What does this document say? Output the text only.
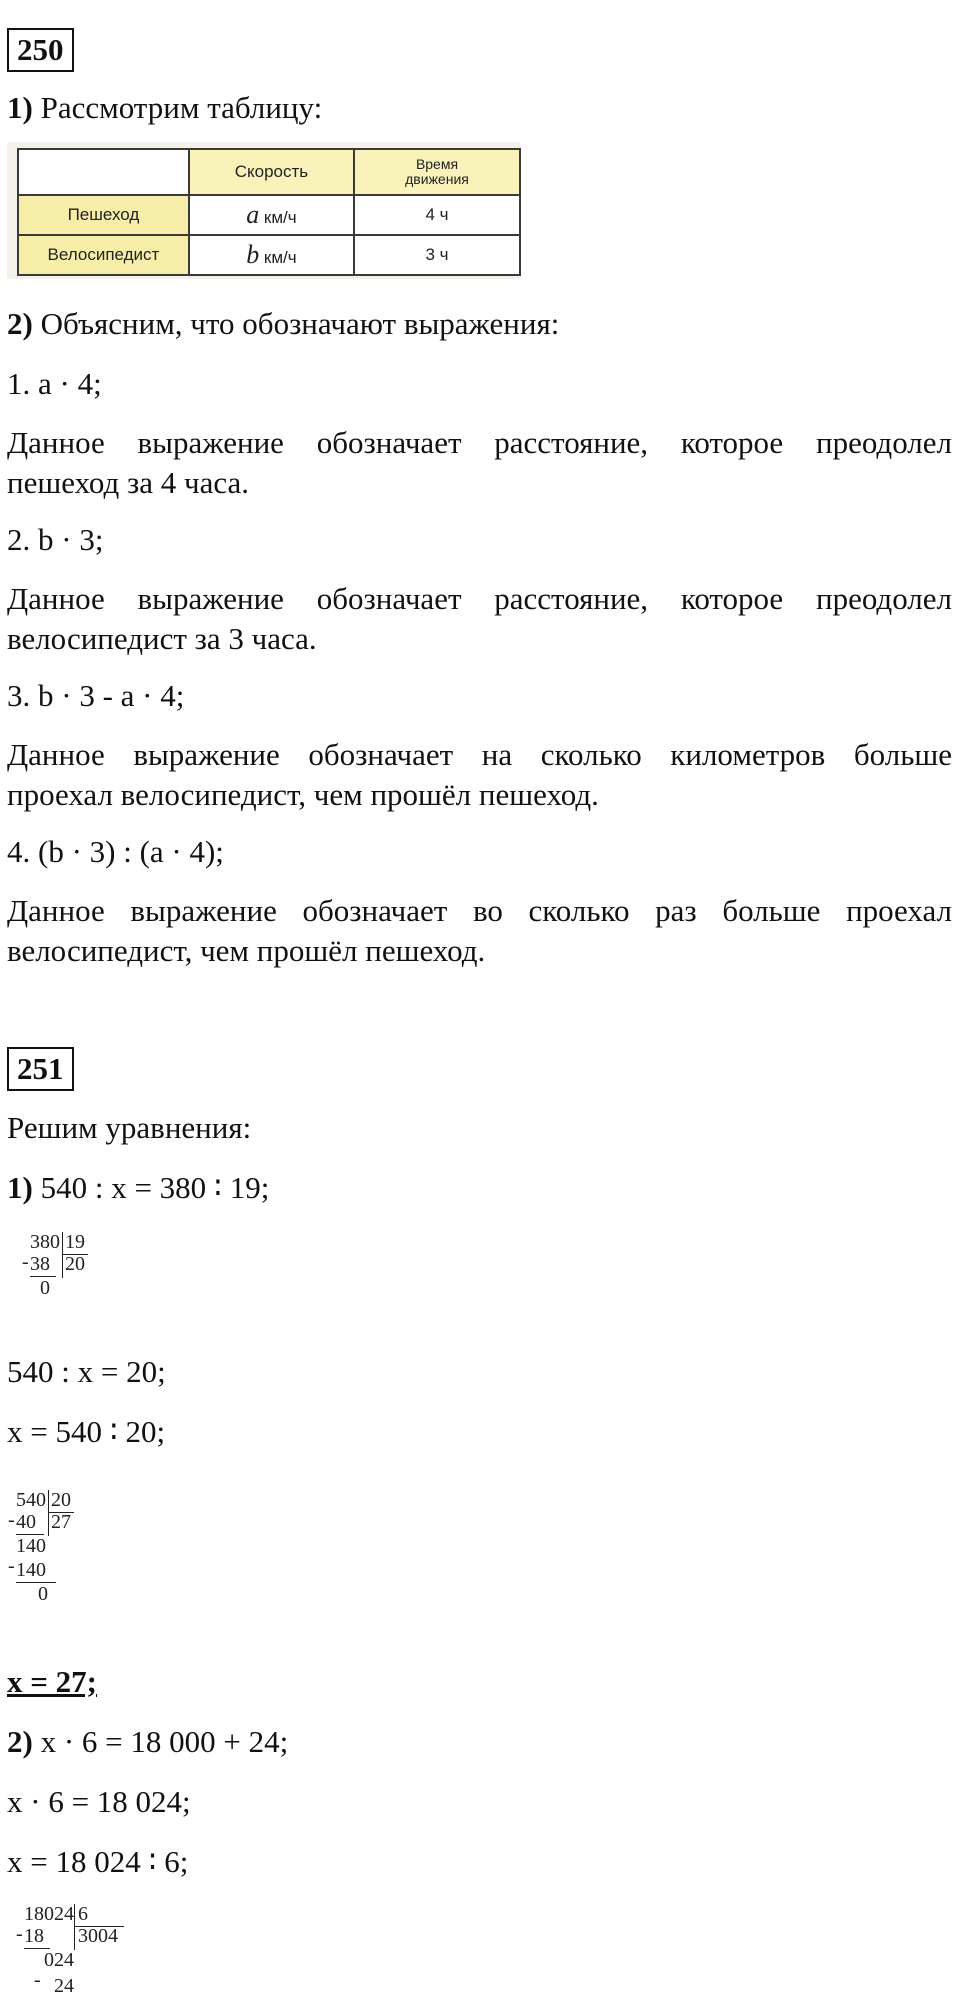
250
1) Рассмотрим таблицу:
	Скорость	Время
движения

Пешеход	a км/ч	4 ч
Велосипедист	b км/ч	3 ч
2) Объясним, что обозначают выражения:
1. a · 4;
Данное выражение обозначает расстояние, которое преодолел
пешеход за 4 часа.
2. b · 3;
Данное выражение обозначает расстояние, которое преодолел
велосипедист за 3 часа.
3. b · 3 - a · 4;
Данное выражение обозначает на сколько километров больше
проехал велосипедист, чем прошёл пешеход.
4. (b · 3) : (a · 4);
Данное выражение обозначает во сколько раз больше проехал
велосипедист, чем прошёл пешеход.
251
Решим уравнения:
1) 540 : x = 380 ∶ 19;
380 19
- 38 20
0
540 : x = 20;
x = 540 ∶ 20;
540 20
- 40 27
140
- 140
0
x = 27;
2) x · 6 = 18 000 + 24;
x · 6 = 18 024;
x = 18 024 ∶ 6;
18024 6
- 18 3004
024
- 24
